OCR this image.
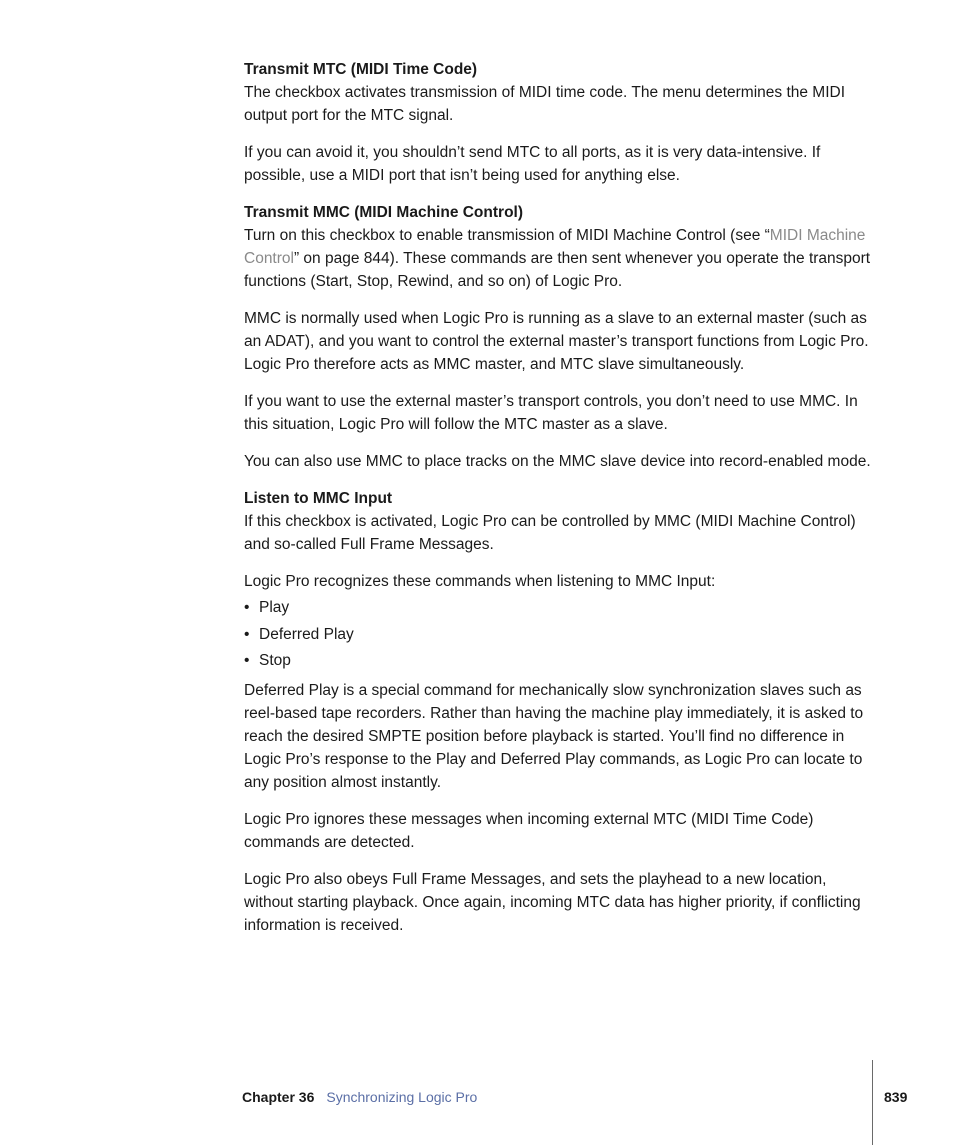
Transmit MTC (MIDI Time Code)

The checkbox activates transmission of MIDI time code. The menu determines the MIDI output port for the MTC signal.

If you can avoid it, you shouldn’t send MTC to all ports, as it is very data-intensive. If possible, use a MIDI port that isn’t being used for anything else.

Transmit MMC (MIDI Machine Control)

Turn on this checkbox to enable transmission of MIDI Machine Control (see “MIDI Machine Control” on page 844). These commands are then sent whenever you operate the transport functions (Start, Stop, Rewind, and so on) of Logic Pro.

MMC is normally used when Logic Pro is running as a slave to an external master (such as an ADAT), and you want to control the external master’s transport functions from Logic Pro. Logic Pro therefore acts as MMC master, and MTC slave simultaneously.

If you want to use the external master’s transport controls, you don’t need to use MMC. In this situation, Logic Pro will follow the MTC master as a slave.

You can also use MMC to place tracks on the MMC slave device into record-enabled mode.

Listen to MMC Input

If this checkbox is activated, Logic Pro can be controlled by MMC (MIDI Machine Control) and so-called Full Frame Messages.

Logic Pro recognizes these commands when listening to MMC Input:

• Play
• Deferred Play
• Stop

Deferred Play is a special command for mechanically slow synchronization slaves such as reel-based tape recorders. Rather than having the machine play immediately, it is asked to reach the desired SMPTE position before playback is started. You’ll find no difference in Logic Pro’s response to the Play and Deferred Play commands, as Logic Pro can locate to any position almost instantly.

Logic Pro ignores these messages when incoming external MTC (MIDI Time Code) commands are detected.

Logic Pro also obeys Full Frame Messages, and sets the playhead to a new location, without starting playback. Once again, incoming MTC data has higher priority, if conflicting information is received.

Chapter 36 Synchronizing Logic Pro	839
